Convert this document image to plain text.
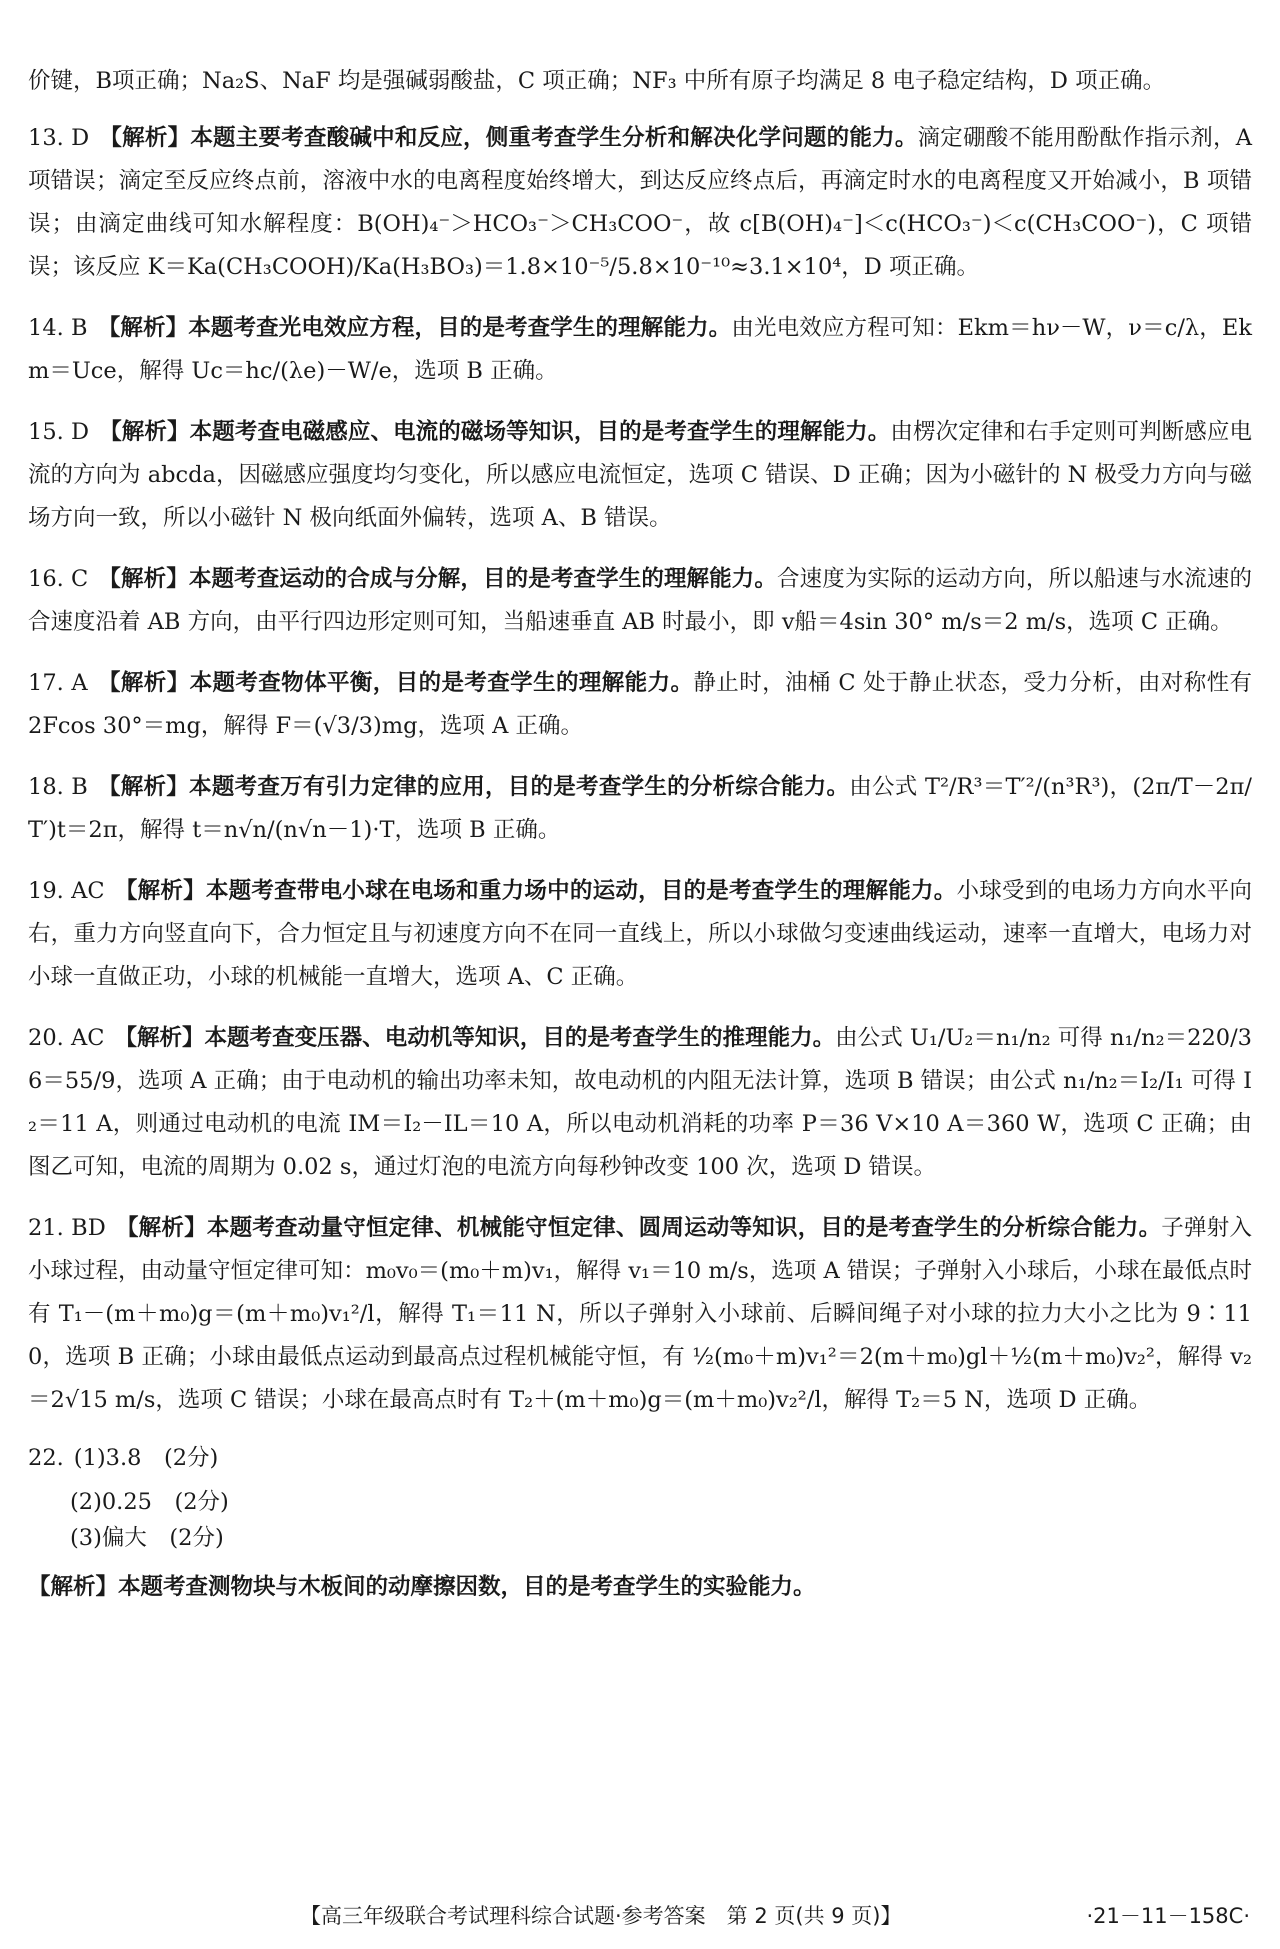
价键，B项正确；Na₂S、NaF 均是强碱弱酸盐，C 项正确；NF₃ 中所有原子均满足 8 电子稳定结构，D 项正确。

13. D 【解析】本题主要考查酸碱中和反应，侧重考查学生分析和解决化学问题的能力。滴定硼酸不能用酚酞作指示剂，A 项错误；滴定至反应终点前，溶液中水的电离程度始终增大，到达反应终点后，再滴定时水的电离程度又开始减小，B 项错误；由滴定曲线可知水解程度：B(OH)₄⁻＞HCO₃⁻＞CH₃COO⁻，故 c[B(OH)₄⁻]＜c(HCO₃⁻)＜c(CH₃COO⁻)，C 项错误；该反应 K＝Ka(CH₃COOH)/Ka(H₃BO₃)＝1.8×10⁻⁵/5.8×10⁻¹⁰≈3.1×10⁴，D 项正确。

14. B 【解析】本题考查光电效应方程，目的是考查学生的理解能力。由光电效应方程可知：Ekm＝hν－W，ν＝c/λ，Ekm＝Uce，解得 Uc＝hc/(λe)－W/e，选项 B 正确。

15. D 【解析】本题考查电磁感应、电流的磁场等知识，目的是考查学生的理解能力。由楞次定律和右手定则可判断感应电流的方向为 abcda，因磁感应强度均匀变化，所以感应电流恒定，选项 C 错误、D 正确；因为小磁针的 N 极受力方向与磁场方向一致，所以小磁针 N 极向纸面外偏转，选项 A、B 错误。

16. C 【解析】本题考查运动的合成与分解，目的是考查学生的理解能力。合速度为实际的运动方向，所以船速与水流速的合速度沿着 AB 方向，由平行四边形定则可知，当船速垂直 AB 时最小，即 v船＝4sin 30° m/s＝2 m/s，选项 C 正确。

17. A 【解析】本题考查物体平衡，目的是考查学生的理解能力。静止时，油桶 C 处于静止状态，受力分析，由对称性有 2Fcos 30°＝mg，解得 F＝(√3/3)mg，选项 A 正确。

18. B 【解析】本题考查万有引力定律的应用，目的是考查学生的分析综合能力。由公式 T²/R³＝T′²/(n³R³)，(2π/T－2π/T′)t＝2π，解得 t＝n√n/(n√n－1)·T，选项 B 正确。

19. AC 【解析】本题考查带电小球在电场和重力场中的运动，目的是考查学生的理解能力。小球受到的电场力方向水平向右，重力方向竖直向下，合力恒定且与初速度方向不在同一直线上，所以小球做匀变速曲线运动，速率一直增大，电场力对小球一直做正功，小球的机械能一直增大，选项 A、C 正确。

20. AC 【解析】本题考查变压器、电动机等知识，目的是考查学生的推理能力。由公式 U₁/U₂＝n₁/n₂ 可得 n₁/n₂＝220/36＝55/9，选项 A 正确；由于电动机的输出功率未知，故电动机的内阻无法计算，选项 B 错误；由公式 n₁/n₂＝I₂/I₁ 可得 I₂＝11 A，则通过电动机的电流 IM＝I₂－IL＝10 A，所以电动机消耗的功率 P＝36 V×10 A＝360 W，选项 C 正确；由图乙可知，电流的周期为 0.02 s，通过灯泡的电流方向每秒钟改变 100 次，选项 D 错误。

21. BD 【解析】本题考查动量守恒定律、机械能守恒定律、圆周运动等知识，目的是考查学生的分析综合能力。子弹射入小球过程，由动量守恒定律可知：m₀v₀＝(m₀＋m)v₁，解得 v₁＝10 m/s，选项 A 错误；子弹射入小球后，小球在最低点时有 T₁－(m＋m₀)g＝(m＋m₀)v₁²/l，解得 T₁＝11 N，所以子弹射入小球前、后瞬间绳子对小球的拉力大小之比为 9∶110，选项 B 正确；小球由最低点运动到最高点过程机械能守恒，有 ½(m₀＋m)v₁²＝2(m＋m₀)gl＋½(m＋m₀)v₂²，解得 v₂＝2√15 m/s，选项 C 错误；小球在最高点时有 T₂＋(m＋m₀)g＝(m＋m₀)v₂²/l，解得 T₂＝5 N，选项 D 正确。

22. (1)3.8　(2分)
(2)0.25　(2分)
(3)偏大　(2分)

【解析】本题考查测物块与木板间的动摩擦因数，目的是考查学生的实验能力。

【高三年级联合考试理科综合试题·参考答案　第 2 页(共 9 页)】	·21－11－158C·
